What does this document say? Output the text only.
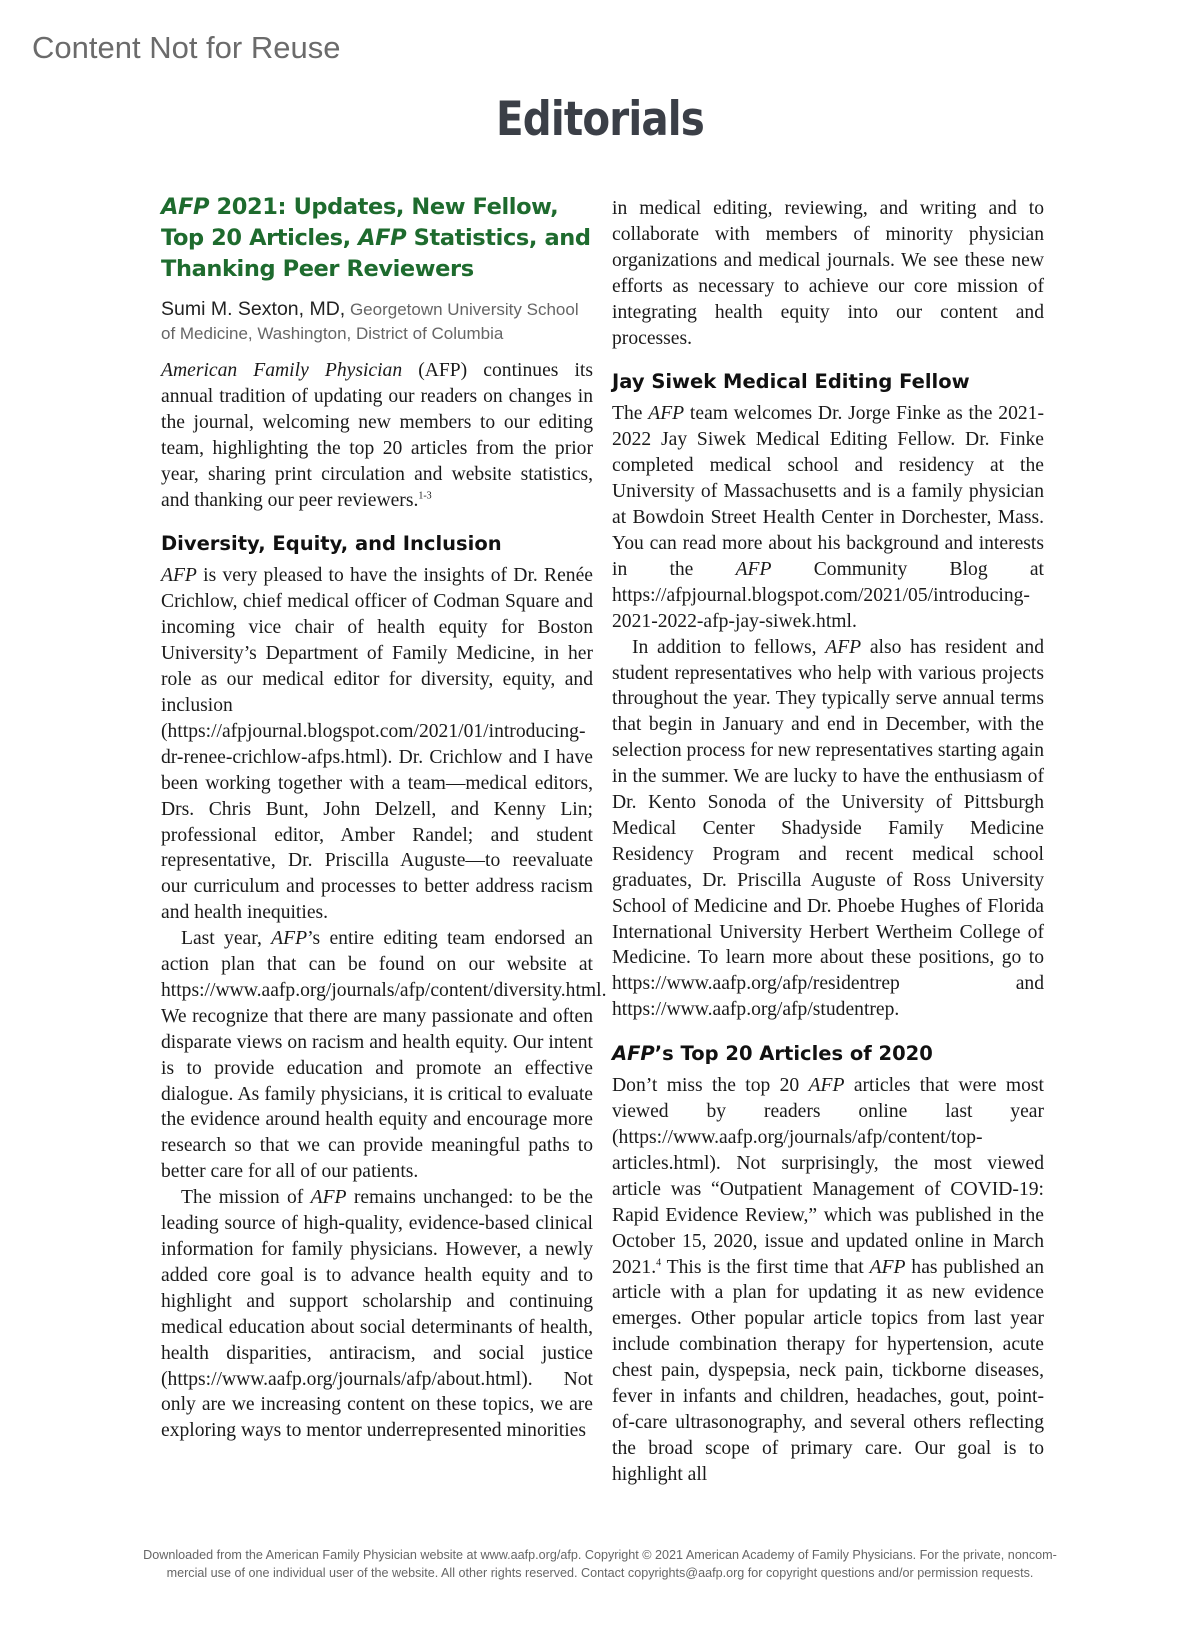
Content Not for Reuse
Editorials
AFP 2021: Updates, New Fellow, Top 20 Articles, AFP Statistics, and Thanking Peer Reviewers
Sumi M. Sexton, MD, Georgetown University School of Medicine, Washington, District of Columbia

American Family Physician (AFP) continues its annual tradition of updating our readers on changes in the journal, welcoming new members to our editing team, highlighting the top 20 articles from the prior year, sharing print circulation and website statistics, and thanking our peer reviewers.$^{1-3}$

Diversity, Equity, and Inclusion

AFP is very pleased to have the insights of Dr. Renée Crichlow, chief medical officer of Codman Square and incoming vice chair of health equity for Boston University’s Department of Family Medicine, in her role as our medical editor for diversity, equity, and inclusion (https://afpjournal.blogspot.com/2021/01/introducing-dr-renee-crichlow-afps.html). Dr. Crichlow and I have been working together with a team—medical editors, Drs. Chris Bunt, John Delzell, and Kenny Lin; professional editor, Amber Randel; and student representative, Dr. Priscilla Auguste—to reevaluate our curriculum and processes to better address racism and health inequities.

Last year, AFP’s entire editing team endorsed an action plan that can be found on our website at https://www.aafp.org/journals/afp/content/diversity.html. We recognize that there are many passionate and often disparate views on racism and health equity. Our intent is to provide education and promote an effective dialogue. As family physicians, it is critical to evaluate the evidence around health equity and encourage more research so that we can provide meaningful paths to better care for all of our patients.

The mission of AFP remains unchanged: to be the leading source of high-quality, evidence-based clinical information for family physicians. However, a newly added core goal is to advance health equity and to highlight and support scholarship and continuing medical education about social determinants of health, health disparities, antiracism, and social justice (https://www.aafp.org/journals/afp/about.html). Not only are we increasing content on these topics, we are exploring ways to mentor underrepresented minorities

in medical editing, reviewing, and writing and to collaborate with members of minority physician organizations and medical journals. We see these new efforts as necessary to achieve our core mission of integrating health equity into our content and processes.

Jay Siwek Medical Editing Fellow

The AFP team welcomes Dr. Jorge Finke as the 2021-2022 Jay Siwek Medical Editing Fellow. Dr. Finke completed medical school and residency at the University of Massachusetts and is a family physician at Bowdoin Street Health Center in Dorchester, Mass. You can read more about his background and interests in the AFP Community Blog at https://afpjournal.blogspot.com/2021/05/introducing-2021-2022-afp-jay-siwek.html.

In addition to fellows, AFP also has resident and student representatives who help with various projects throughout the year. They typically serve annual terms that begin in January and end in December, with the selection process for new representatives starting again in the summer. We are lucky to have the enthusiasm of Dr. Kento Sonoda of the University of Pittsburgh Medical Center Shadyside Family Medicine Residency Program and recent medical school graduates, Dr. Priscilla Auguste of Ross University School of Medicine and Dr. Phoebe Hughes of Florida International University Herbert Wertheim College of Medicine. To learn more about these positions, go to https://www.aafp.org/afp/residentrep and https://www.aafp.org/afp/studentrep.

AFP’s Top 20 Articles of 2020

Don’t miss the top 20 AFP articles that were most viewed by readers online last year (https://www.aafp.org/journals/afp/content/top-articles.html). Not surprisingly, the most viewed article was “Outpatient Management of COVID-19: Rapid Evidence Review,” which was published in the October 15, 2020, issue and updated online in March 2021.$^4$ This is the first time that AFP has published an article with a plan for updating it as new evidence emerges. Other popular article topics from last year include combination therapy for hypertension, acute chest pain, dyspepsia, neck pain, tickborne diseases, fever in infants and children, headaches, gout, point-of-care ultrasonography, and several others reflecting the broad scope of primary care. Our goal is to highlight all

Downloaded from the American Family Physician website at www.aafp.org/afp. Copyright © 2021 American Academy of Family Physicians. For the private, noncom-
mercial use of one individual user of the website. All other rights reserved. Contact copyrights@aafp.org for copyright questions and/or permission requests.
